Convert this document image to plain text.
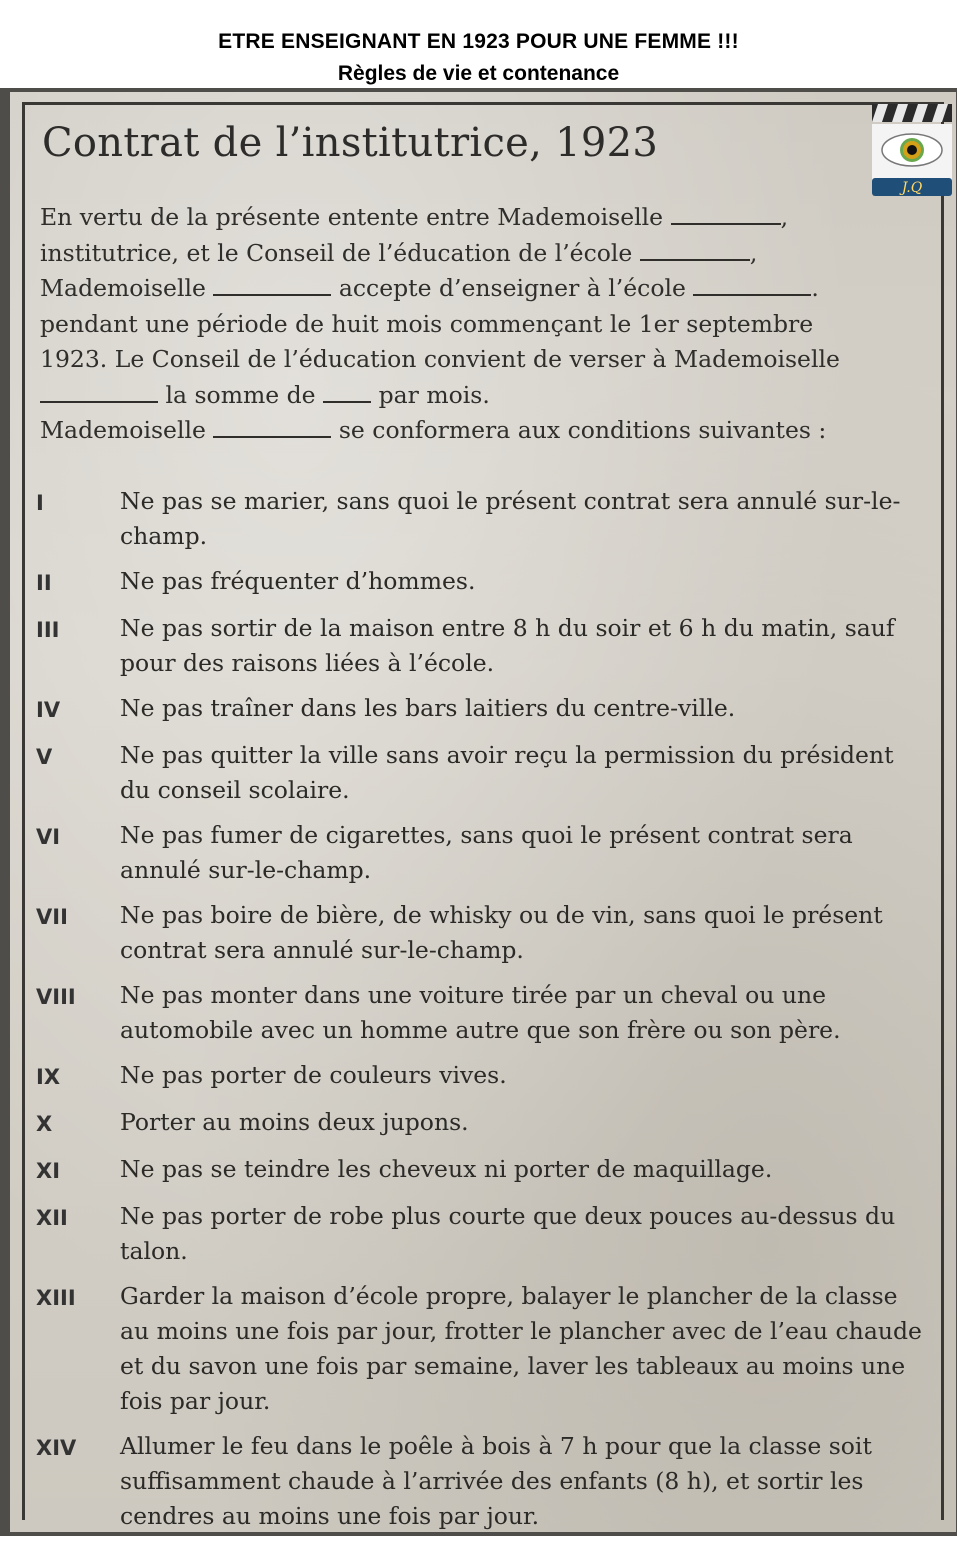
ETRE ENSEIGNANT EN 1923 POUR UNE FEMME !!!
Règles de vie et contenance
Contrat de l’institutrice, 1923
J.Q
En vertu de la présente entente entre Mademoiselle	,
institutrice, et le Conseil de l’éducation de l’école	,
Mademoiselle	accepte d’enseigner à l’école	.
pendant une période de huit mois commençant le 1er septembre
1923. Le Conseil de l’éducation convient de verser à Mademoiselle
la somme de	par mois.
Mademoiselle	se conformera aux conditions suivantes :
I	Ne pas se marier, sans quoi le présent contrat sera annulé sur-le-champ.
II	Ne pas fréquenter d’hommes.
III	Ne pas sortir de la maison entre 8 h du soir et 6 h du matin, sauf pour des raisons liées à l’école.
IV	Ne pas traîner dans les bars laitiers du centre-ville.
V	Ne pas quitter la ville sans avoir reçu la permission du président du conseil scolaire.
VI	Ne pas fumer de cigarettes, sans quoi le présent contrat sera annulé sur-le-champ.
VII	Ne pas boire de bière, de whisky ou de vin, sans quoi le présent contrat sera annulé sur-le-champ.
VIII	Ne pas monter dans une voiture tirée par un cheval ou une automobile avec un homme autre que son frère ou son père.
IX	Ne pas porter de couleurs vives.
X	Porter au moins deux jupons.
XI	Ne pas se teindre les cheveux ni porter de maquillage.
XII	Ne pas porter de robe plus courte que deux pouces au-dessus du talon.
XIII	Garder la maison d’école propre, balayer le plancher de la classe au moins une fois par jour, frotter le plancher avec de l’eau chaude et du savon une fois par semaine, laver les tableaux au moins une fois par jour.
XIV	Allumer le feu dans le poêle à bois à 7 h pour que la classe soit suffisamment chaude à l’arrivée des enfants (8 h), et sortir les cendres au moins une fois par jour.
